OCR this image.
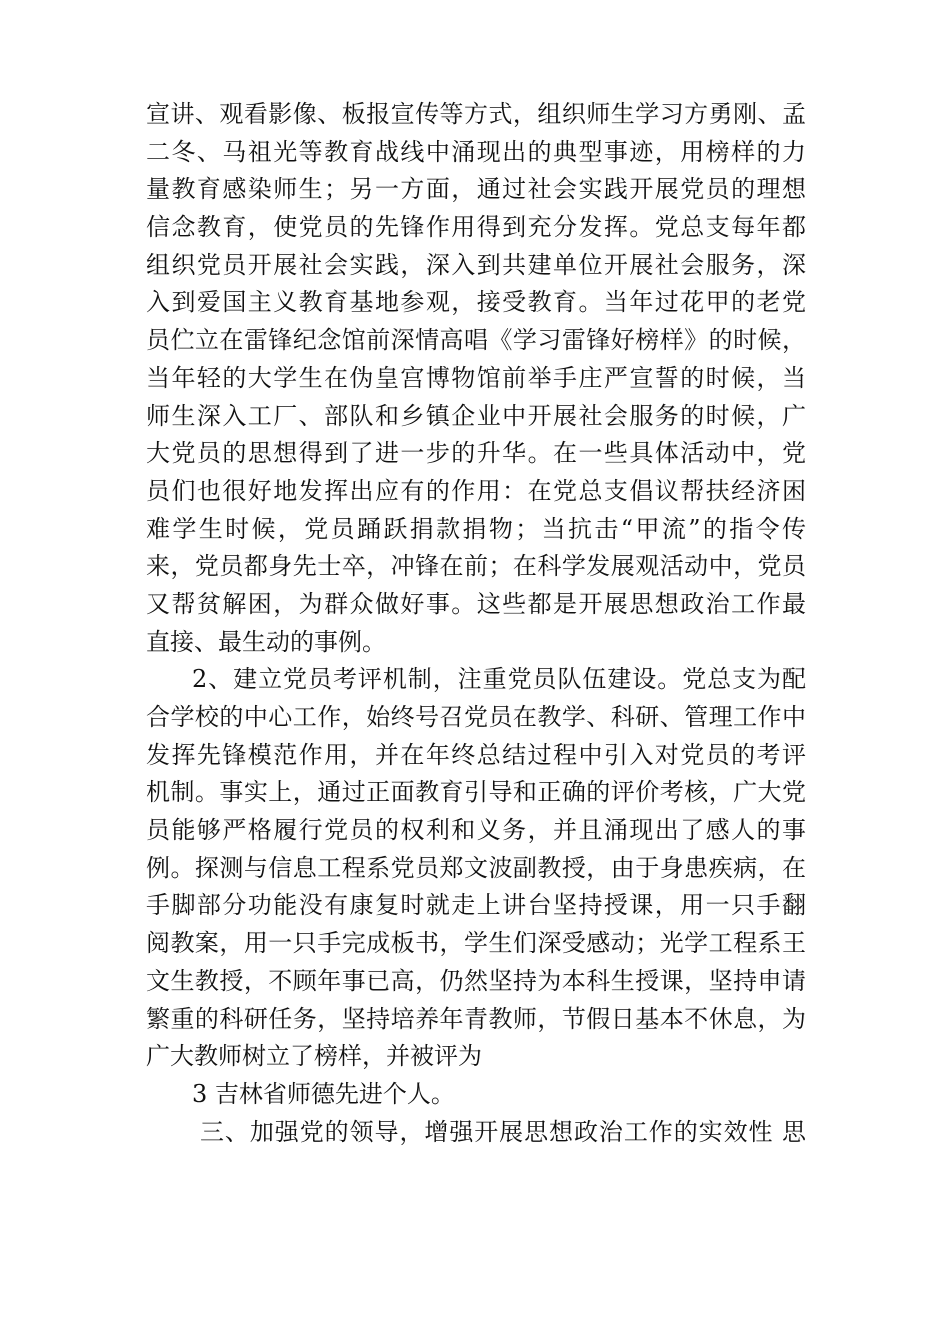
宣讲、观看影像、板报宣传等方式，组织师生学习方勇刚、孟
二冬、马祖光等教育战线中涌现出的典型事迹，用榜样的力
量教育感染师生；另一方面，通过社会实践开展党员的理想
信念教育，使党员的先锋作用得到充分发挥。党总支每年都
组织党员开展社会实践，深入到共建单位开展社会服务，深
入到爱国主义教育基地参观，接受教育。当年过花甲的老党
员伫立在雷锋纪念馆前深情高唱《学习雷锋好榜样》的时候，
当年轻的大学生在伪皇宫博物馆前举手庄严宣誓的时候，当
师生深入工厂、部队和乡镇企业中开展社会服务的时候，广
大党员的思想得到了进一步的升华。在一些具体活动中，党
员们也很好地发挥出应有的作用：在党总支倡议帮扶经济困
难学生时候，党员踊跃捐款捐物；当抗击“甲流”的指令传
来，党员都身先士卒，冲锋在前；在科学发展观活动中，党员
又帮贫解困，为群众做好事。这些都是开展思想政治工作最
直接、最生动的事例。
2、建立党员考评机制，注重党员队伍建设。党总支为配
合学校的中心工作，始终号召党员在教学、科研、管理工作中
发挥先锋模范作用，并在年终总结过程中引入对党员的考评
机制。事实上，通过正面教育引导和正确的评价考核，广大党
员能够严格履行党员的权利和义务，并且涌现出了感人的事
例。探测与信息工程系党员郑文波副教授，由于身患疾病，在
手脚部分功能没有康复时就走上讲台坚持授课，用一只手翻
阅教案，用一只手完成板书，学生们深受感动；光学工程系王
文生教授，不顾年事已高，仍然坚持为本科生授课，坚持申请
繁重的科研任务，坚持培养年青教师，节假日基本不休息，为
广大教师树立了榜样，并被评为
3 吉林省师德先进个人。
三、加强党的领导，增强开展思想政治工作的实效性 思
